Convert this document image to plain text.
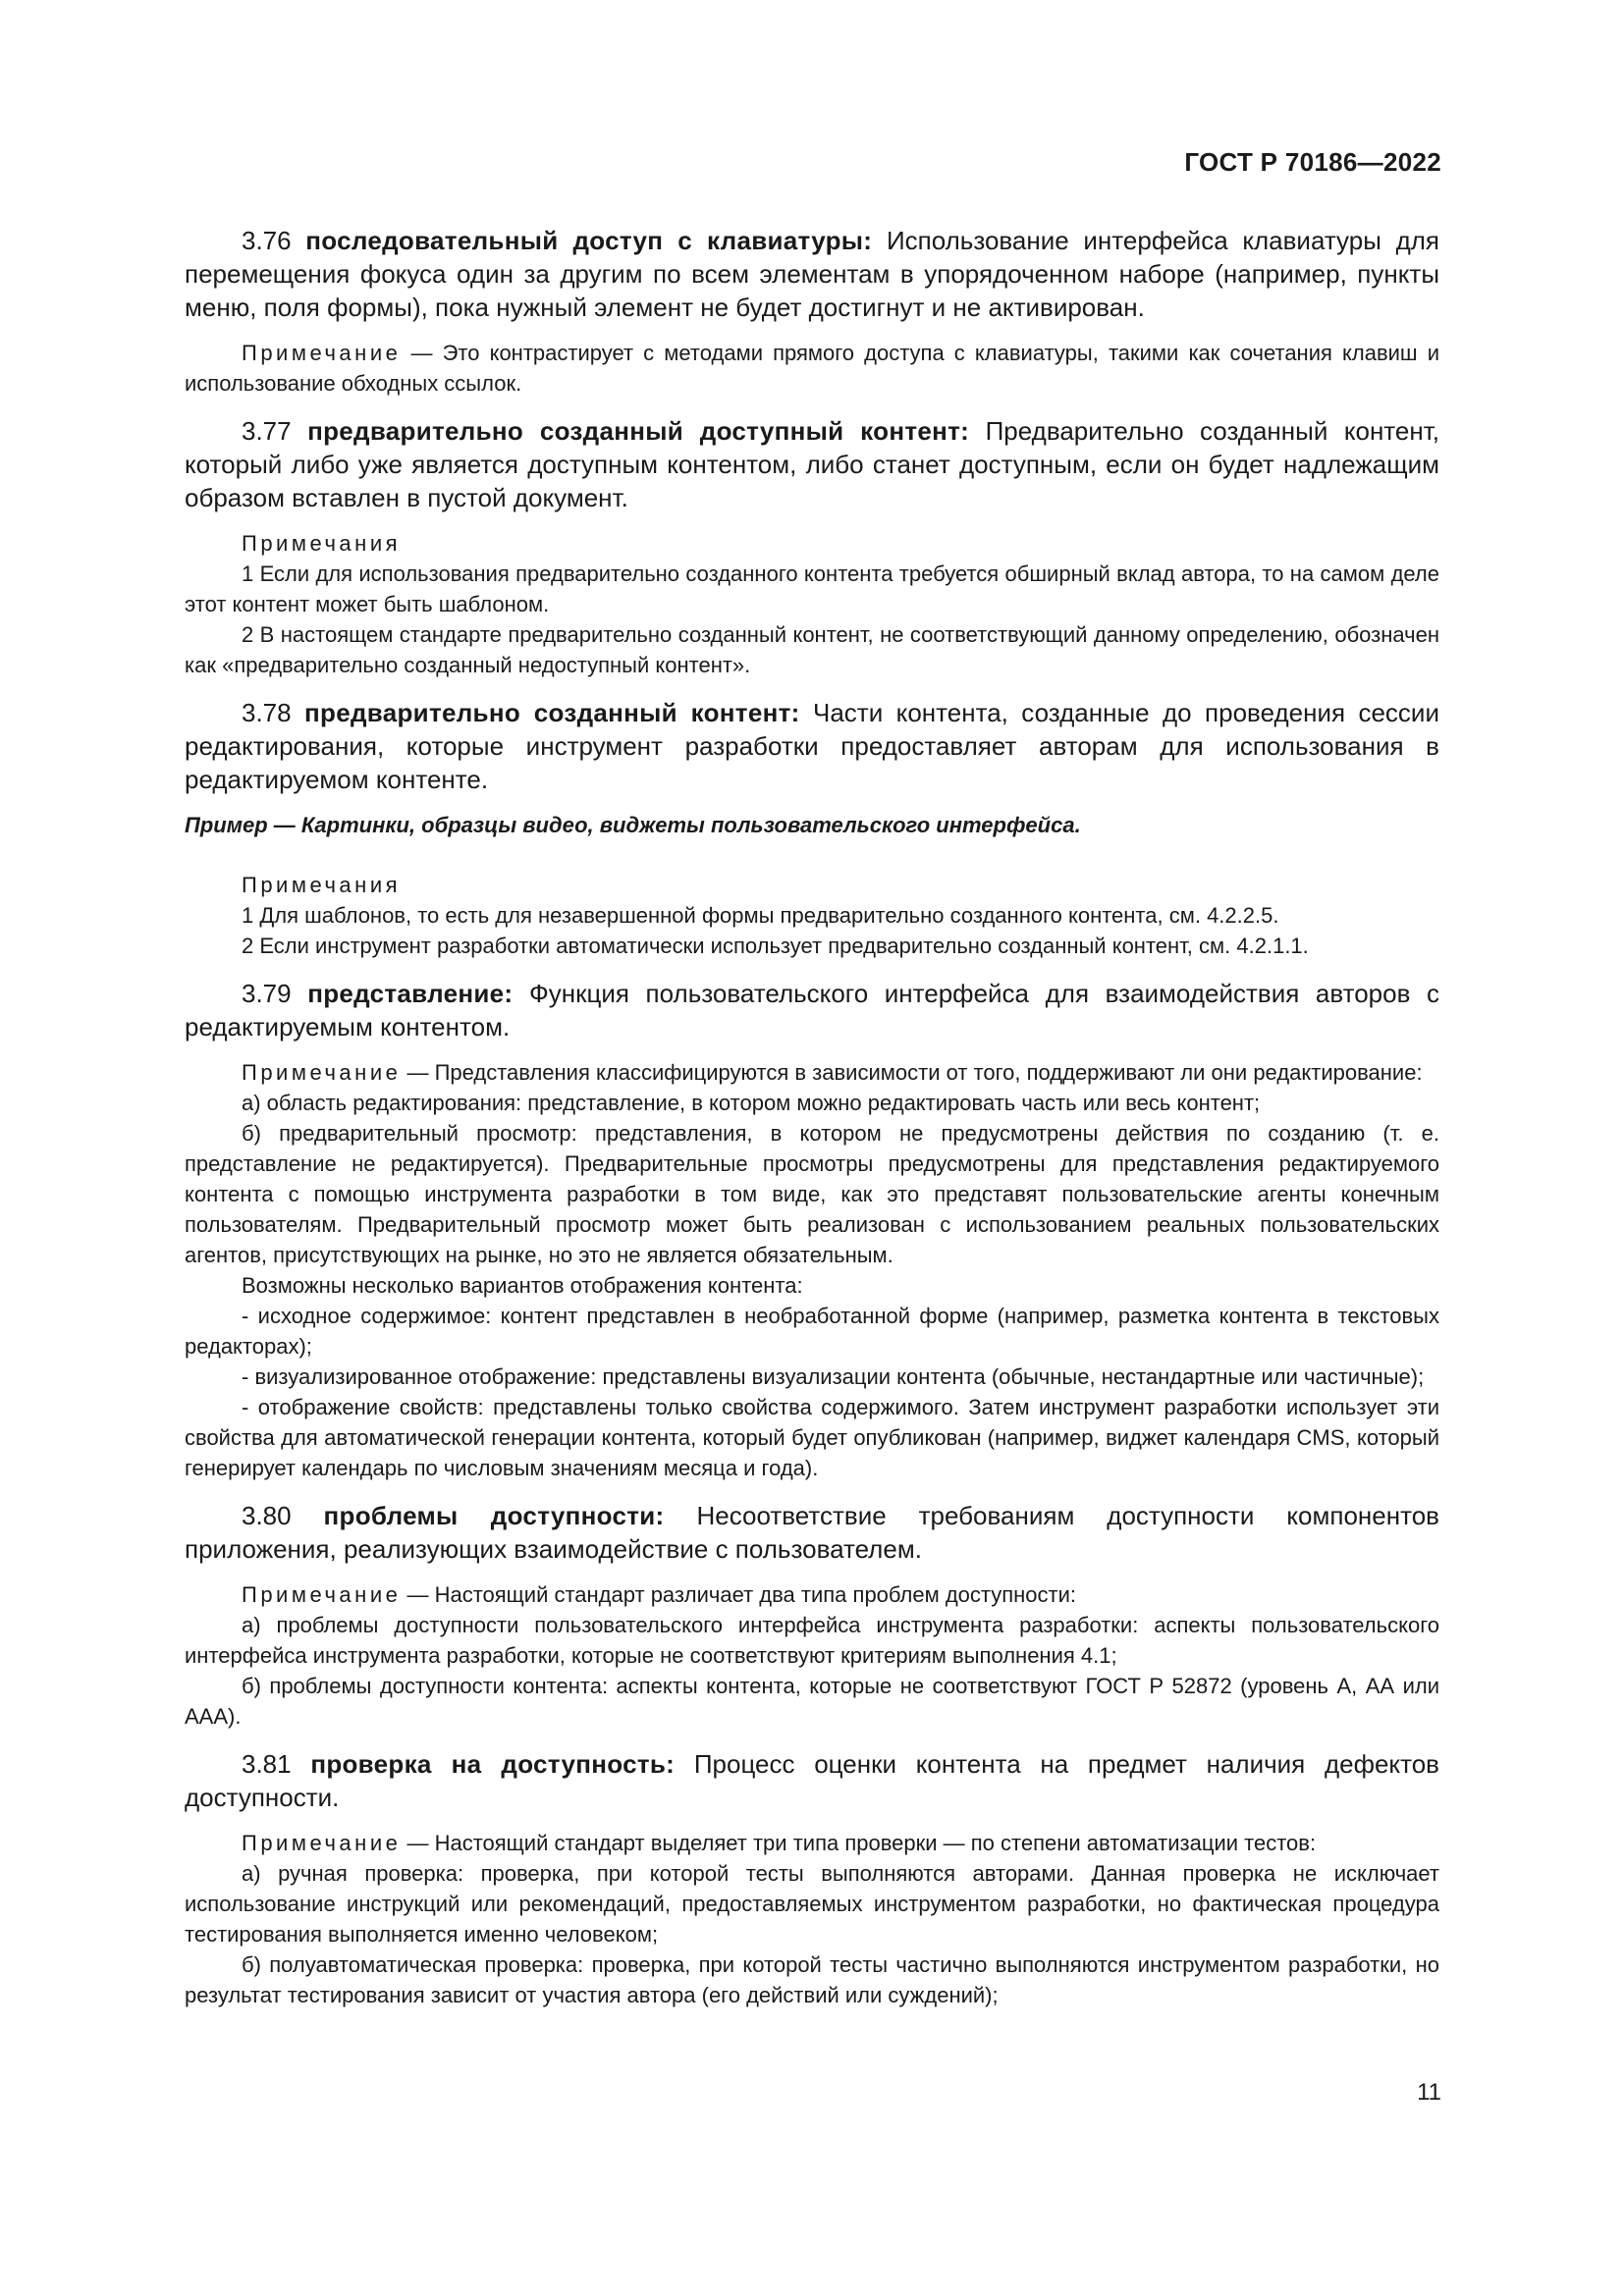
ГОСТ Р 70186—2022

3.76 последовательный доступ с клавиатуры: Использование интерфейса клавиатуры для перемещения фокуса один за другим по всем элементам в упорядоченном наборе (например, пункты меню, поля формы), пока нужный элемент не будет достигнут и не активирован.

Примечание — Это контрастирует с методами прямого доступа с клавиатуры, такими как сочетания клавиш и использование обходных ссылок.

3.77 предварительно созданный доступный контент: Предварительно созданный контент, который либо уже является доступным контентом, либо станет доступным, если он будет надлежащим образом вставлен в пустой документ.

Примечания

1 Если для использования предварительно созданного контента требуется обширный вклад автора, то на самом деле этот контент может быть шаблоном.

2 В настоящем стандарте предварительно созданный контент, не соответствующий данному определению, обозначен как «предварительно созданный недоступный контент».

3.78 предварительно созданный контент: Части контента, созданные до проведения сессии редактирования, которые инструмент разработки предоставляет авторам для использования в редактируемом контенте.

Пример — Картинки, образцы видео, виджеты пользовательского интерфейса.

Примечания

1 Для шаблонов, то есть для незавершенной формы предварительно созданного контента, см. 4.2.2.5.

2 Если инструмент разработки автоматически использует предварительно созданный контент, см. 4.2.1.1.

3.79 представление: Функция пользовательского интерфейса для взаимодействия авторов с редактируемым контентом.

Примечание — Представления классифицируются в зависимости от того, поддерживают ли они редактирование:

а) область редактирования: представление, в котором можно редактировать часть или весь контент;

б) предварительный просмотр: представления, в котором не предусмотрены действия по созданию (т. е. представление не редактируется). Предварительные просмотры предусмотрены для представления редактируемого контента с помощью инструмента разработки в том виде, как это представят пользовательские агенты конечным пользователям. Предварительный просмотр может быть реализован с использованием реальных пользовательских агентов, присутствующих на рынке, но это не является обязательным.

Возможны несколько вариантов отображения контента:

- исходное содержимое: контент представлен в необработанной форме (например, разметка контента в текстовых редакторах);

- визуализированное отображение: представлены визуализации контента (обычные, нестандартные или частичные);

- отображение свойств: представлены только свойства содержимого. Затем инструмент разработки использует эти свойства для автоматической генерации контента, который будет опубликован (например, виджет календаря CMS, который генерирует календарь по числовым значениям месяца и года).

3.80 проблемы доступности: Несоответствие требованиям доступности компонентов приложения, реализующих взаимодействие с пользователем.

Примечание — Настоящий стандарт различает два типа проблем доступности:

а) проблемы доступности пользовательского интерфейса инструмента разработки: аспекты пользовательского интерфейса инструмента разработки, которые не соответствуют критериям выполнения 4.1;

б) проблемы доступности контента: аспекты контента, которые не соответствуют ГОСТ Р 52872 (уровень А, АА или ААА).

3.81 проверка на доступность: Процесс оценки контента на предмет наличия дефектов доступности.

Примечание — Настоящий стандарт выделяет три типа проверки — по степени автоматизации тестов:

а) ручная проверка: проверка, при которой тесты выполняются авторами. Данная проверка не исключает использование инструкций или рекомендаций, предоставляемых инструментом разработки, но фактическая процедура тестирования выполняется именно человеком;

б) полуавтоматическая проверка: проверка, при которой тесты частично выполняются инструментом разработки, но результат тестирования зависит от участия автора (его действий или суждений);

11
